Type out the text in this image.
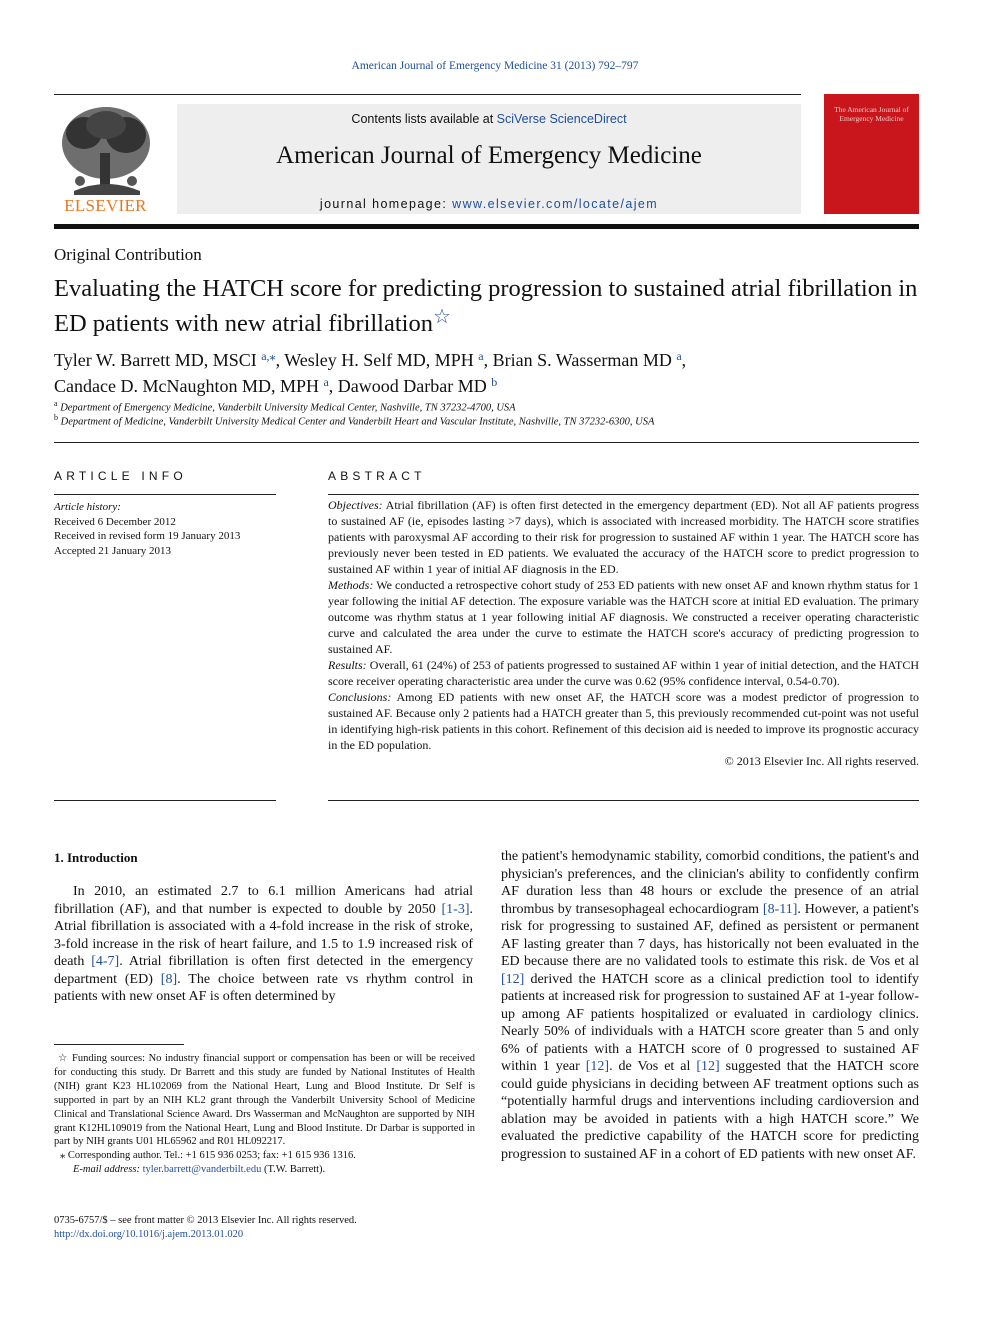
American Journal of Emergency Medicine 31 (2013) 792–797
ELSEVIER
Contents lists available at SciVerse ScienceDirect
American Journal of Emergency Medicine
journal homepage: www.elsevier.com/locate/ajem
The American Journal of Emergency Medicine
Original Contribution
Evaluating the HATCH score for predicting progression to sustained atrial fibrillation in ED patients with new atrial fibrillation☆
Tyler W. Barrett MD, MSCI $^{a,⁎}$, Wesley H. Self MD, MPH $^a$, Brian S. Wasserman MD $^a$,
Candace D. McNaughton MD, MPH $^a$, Dawood Darbar MD $^b$
$^a$ Department of Emergency Medicine, Vanderbilt University Medical Center, Nashville, TN 37232-4700, USA
$^b$ Department of Medicine, Vanderbilt University Medical Center and Vanderbilt Heart and Vascular Institute, Nashville, TN 37232-6300, USA
ARTICLE INFO
Article history:
Received 6 December 2012
Received in revised form 19 January 2013
Accepted 21 January 2013
ABSTRACT

Objectives: Atrial fibrillation (AF) is often first detected in the emergency department (ED). Not all AF patients progress to sustained AF (ie, episodes lasting >7 days), which is associated with increased morbidity. The HATCH score stratifies patients with paroxysmal AF according to their risk for progression to sustained AF within 1 year. The HATCH score has previously never been tested in ED patients. We evaluated the accuracy of the HATCH score to predict progression to sustained AF within 1 year of initial AF diagnosis in the ED.

Methods: We conducted a retrospective cohort study of 253 ED patients with new onset AF and known rhythm status for 1 year following the initial AF detection. The exposure variable was the HATCH score at initial ED evaluation. The primary outcome was rhythm status at 1 year following initial AF diagnosis. We constructed a receiver operating characteristic curve and calculated the area under the curve to estimate the HATCH score's accuracy of predicting progression to sustained AF.

Results: Overall, 61 (24%) of 253 of patients progressed to sustained AF within 1 year of initial detection, and the HATCH score receiver operating characteristic area under the curve was 0.62 (95% confidence interval, 0.54-0.70).

Conclusions: Among ED patients with new onset AF, the HATCH score was a modest predictor of progression to sustained AF. Because only 2 patients had a HATCH greater than 5, this previously recommended cut-point was not useful in identifying high-risk patients in this cohort. Refinement of this decision aid is needed to improve its prognostic accuracy in the ED population.

© 2013 Elsevier Inc. All rights reserved.

1. Introduction

In 2010, an estimated 2.7 to 6.1 million Americans had atrial fibrillation (AF), and that number is expected to double by 2050 [1-3]. Atrial fibrillation is associated with a 4-fold increase in the risk of stroke, 3-fold increase in the risk of heart failure, and 1.5 to 1.9 increased risk of death [4-7]. Atrial fibrillation is often first detected in the emergency department (ED) [8]. The choice between rate vs rhythm control in patients with new onset AF is often determined by

the patient's hemodynamic stability, comorbid conditions, the patient's and physician's preferences, and the clinician's ability to confidently confirm AF duration less than 48 hours or exclude the presence of an atrial thrombus by transesophageal echocardiogram [8-11]. However, a patient's risk for progressing to sustained AF, defined as persistent or permanent AF lasting greater than 7 days, has historically not been evaluated in the ED because there are no validated tools to estimate this risk. de Vos et al [12] derived the HATCH score as a clinical prediction tool to identify patients at increased risk for progression to sustained AF at 1-year follow-up among AF patients hospitalized or evaluated in cardiology clinics. Nearly 50% of individuals with a HATCH score greater than 5 and only 6% of patients with a HATCH score of 0 progressed to sustained AF within 1 year [12]. de Vos et al [12] suggested that the HATCH score could guide physicians in deciding between AF treatment options such as “potentially harmful drugs and interventions including cardioversion and ablation may be avoided in patients with a high HATCH score.” We evaluated the predictive capability of the HATCH score for predicting progression to sustained AF in a cohort of ED patients with new onset AF.

☆ Funding sources: No industry financial support or compensation has been or will be received for conducting this study. Dr Barrett and this study are funded by National Institutes of Health (NIH) grant K23 HL102069 from the National Heart, Lung and Blood Institute. Dr Self is supported in part by an NIH KL2 grant through the Vanderbilt University School of Medicine Clinical and Translational Science Award. Drs Wasserman and McNaughton are supported by NIH grant K12HL109019 from the National Heart, Lung and Blood Institute. Dr Darbar is supported in part by NIH grants U01 HL65962 and R01 HL092217.

⁎ Corresponding author. Tel.: +1 615 936 0253; fax: +1 615 936 1316.

E-mail address: tyler.barrett@vanderbilt.edu (T.W. Barrett).

0735-6757/$ – see front matter © 2013 Elsevier Inc. All rights reserved.
http://dx.doi.org/10.1016/j.ajem.2013.01.020
